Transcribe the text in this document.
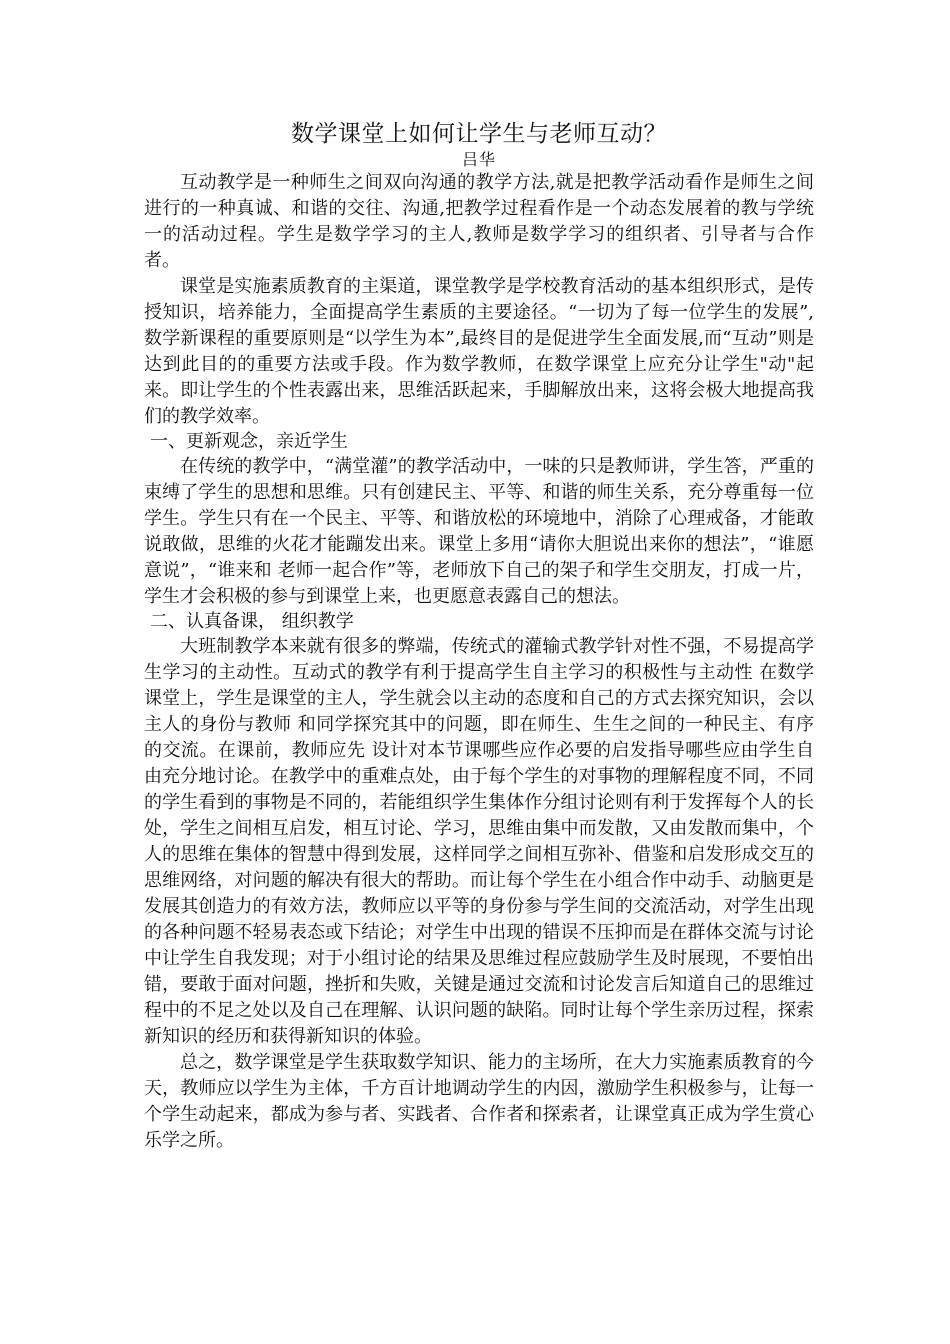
数学课堂上如何让学生与老师互动？

吕华

互动教学是一种师生之间双向沟通的教学方法,就是把教学活动看作是师生之间进行的一种真诚、和谐的交往、沟通,把教学过程看作是一个动态发展着的教与学统一的活动过程。学生是数学学习的主人,教师是数学学习的组织者、引导者与合作者。

课堂是实施素质教育的主渠道，课堂教学是学校教育活动的基本组织形式，是传授知识，培养能力，全面提高学生素质的主要途径。“一切为了每一位学生的发展”,数学新课程的重要原则是“以学生为本”,最终目的是促进学生全面发展,而“互动”则是达到此目的的重要方法或手段。作为数学教师，在数学课堂上应充分让学生"动"起来。即让学生的个性表露出来，思维活跃起来，手脚解放出来，这将会极大地提高我们的教学效率。

一、更新观念，亲近学生

在传统的教学中，“满堂灌”的教学活动中，一味的只是教师讲，学生答，严重的束缚了学生的思想和思维。只有创建民主、平等、和谐的师生关系，充分尊重每一位学生。学生只有在一个民主、平等、和谐放松的环境地中，消除了心理戒备，才能敢说敢做，思维的火花才能蹦发出来。课堂上多用“请你大胆说出来你的想法”，“谁愿意说”，“谁来和 老师一起合作”等，老师放下自己的架子和学生交朋友，打成一片，学生才会积极的参与到课堂上来，也更愿意表露自己的想法。

二、认真备课， 组织教学

大班制教学本来就有很多的弊端，传统式的灌输式教学针对性不强，不易提高学生学习的主动性。互动式的教学有利于提高学生自主学习的积极性与主动性 在数学课堂上，学生是课堂的主人，学生就会以主动的态度和自己的方式去探究知识，会以主人的身份与教师 和同学探究其中的问题，即在师生、生生之间的一种民主、有序的交流。在课前，教师应先 设计对本节课哪些应作必要的启发指导哪些应由学生自由充分地讨论。在教学中的重难点处，由于每个学生的对事物的理解程度不同，不同的学生看到的事物是不同的，若能组织学生集体作分组讨论则有利于发挥每个人的长处，学生之间相互启发，相互讨论、学习，思维由集中而发散，又由发散而集中，个人的思维在集体的智慧中得到发展，这样同学之间相互弥补、借鉴和启发形成交互的思维网络，对问题的解决有很大的帮助。而让每个学生在小组合作中动手、动脑更是发展其创造力的有效方法，教师应以平等的身份参与学生间的交流活动，对学生出现的各种问题不轻易表态或下结论；对学生中出现的错误不压抑而是在群体交流与讨论中让学生自我发现；对于小组讨论的结果及思维过程应鼓励学生及时展现，不要怕出错，要敢于面对问题，挫折和失败，关键是通过交流和讨论发言后知道自己的思维过程中的不足之处以及自己在理解、认识问题的缺陷。同时让每个学生亲历过程，探索新知识的经历和获得新知识的体验。

总之，数学课堂是学生获取数学知识、能力的主场所，在大力实施素质教育的今天，教师应以学生为主体，千方百计地调动学生的内因，激励学生积极参与，让每一个学生动起来，都成为参与者、实践者、合作者和探索者，让课堂真正成为学生赏心乐学之所。
